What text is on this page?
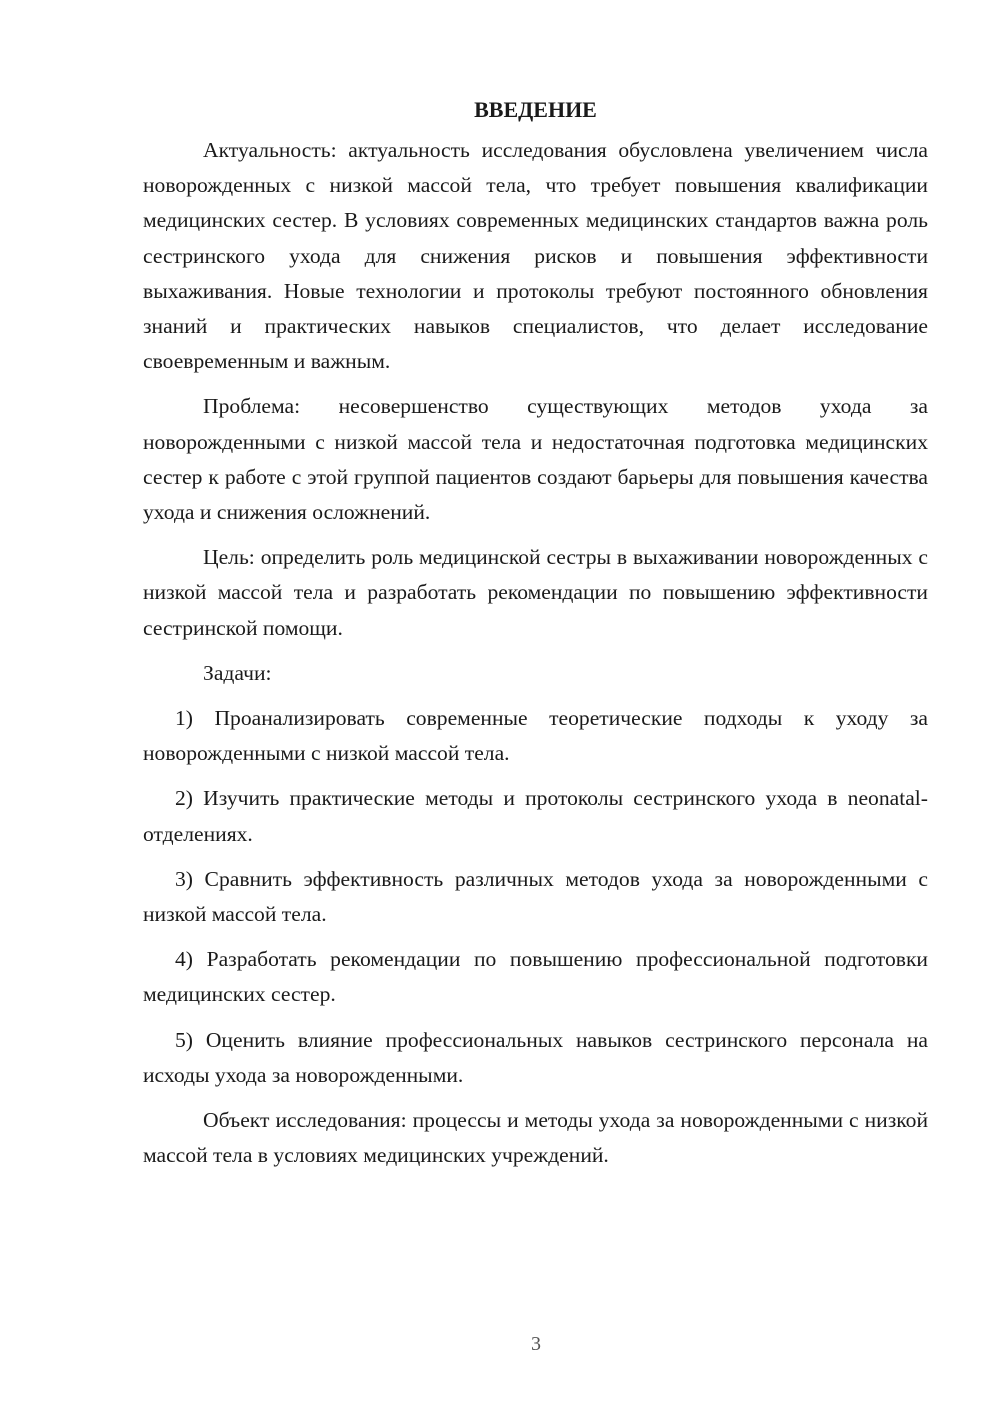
ВВЕДЕНИЕ

Актуальность: актуальность исследования обусловлена увеличением числа новорожденных с низкой массой тела, что требует повышения квалификации медицинских сестер. В условиях современных медицинских стандартов важна роль сестринского ухода для снижения рисков и повышения эффективности выхаживания. Новые технологии и протоколы требуют постоянного обновления знаний и практических навыков специалистов, что делает исследование своевременным и важным.

Проблема: несовершенство существующих методов ухода за новорожденными с низкой массой тела и недостаточная подготовка медицинских сестер к работе с этой группой пациентов создают барьеры для повышения качества ухода и снижения осложнений.

Цель: определить роль медицинской сестры в выхаживании новорожденных с низкой массой тела и разработать рекомендации по повышению эффективности сестринской помощи.

Задачи:

1) Проанализировать современные теоретические подходы к уходу за новорожденными с низкой массой тела.

2) Изучить практические методы и протоколы сестринского ухода в neonatal-отделениях.

3) Сравнить эффективность различных методов ухода за новорожденными с низкой массой тела.

4) Разработать рекомендации по повышению профессиональной подготовки медицинских сестер.

5) Оценить влияние профессиональных навыков сестринского персонала на исходы ухода за новорожденными.

Объект исследования: процессы и методы ухода за новорожденными с низкой массой тела в условиях медицинских учреждений.

3
